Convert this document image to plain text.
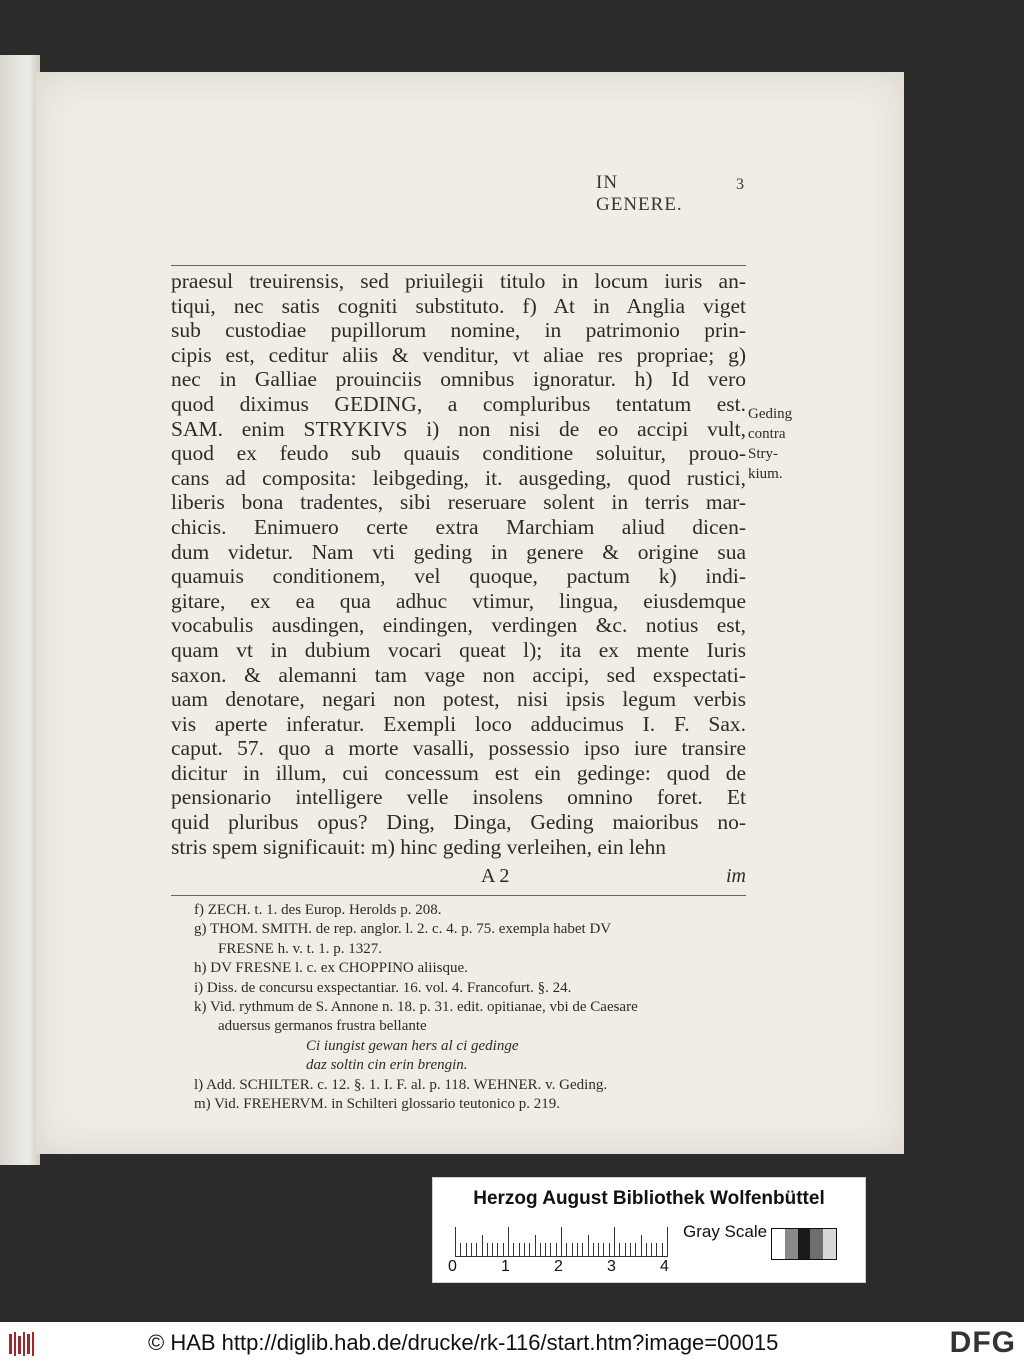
IN GENERE.
3
praesul treuirensis, sed priuilegii titulo in locum iuris an-
tiqui, nec satis cogniti substituto. f) At in Anglia viget
sub custodiae pupillorum nomine, in patrimonio prin-
cipis est, ceditur aliis & venditur, vt aliae res propriae; g)
nec in Galliae prouinciis omnibus ignoratur. h) Id vero
quod diximus GEDING, a compluribus tentatum est.
SAM. enim STRYKIVS i) non nisi de eo accipi vult,
quod ex feudo sub quauis conditione soluitur, prouo-
cans ad composita: leibgeding, it. ausgeding, quod rustici,
liberis bona tradentes, sibi reseruare solent in terris mar-
chicis. Enimuero certe extra Marchiam aliud dicen-
dum videtur. Nam vti geding in genere & origine sua
quamuis conditionem, vel quoque, pactum k) indi-
gitare, ex ea qua adhuc vtimur, lingua, eiusdemque
vocabulis ausdingen, eindingen, verdingen &c. notius est,
quam vt in dubium vocari queat l); ita ex mente Iuris
saxon. & alemanni tam vage non accipi, sed exspectati-
uam denotare, negari non potest, nisi ipsis legum verbis
vis aperte inferatur. Exempli loco adducimus I. F. Sax.
caput. 57. quo a morte vasalli, possessio ipso iure transire
dicitur in illum, cui concessum est ein gedinge: quod de
pensionario intelligere velle insolens omnino foret. Et
quid pluribus opus? Ding, Dinga, Geding maioribus no-
stris spem significauit: m) hinc geding verleihen, ein lehn
Geding
contra
Stry-
kium.
A 2	im
f) ZECH. t. 1. des Europ. Herolds p. 208.
g) THOM. SMITH. de rep. anglor. l. 2. c. 4. p. 75. exempla habet DV
FRESNE h. v. t. 1. p. 1327.
h) DV FRESNE l. c. ex CHOPPINO aliisque.
i) Diss. de concursu exspectantiar. 16. vol. 4. Francofurt. §. 24.
k) Vid. rythmum de S. Annone n. 18. p. 31. edit. opitianae, vbi de Caesare
aduersus germanos frustra bellante
Ci iungist gewan hers al ci gedinge
daz soltin cin erin brengin.
l) Add. SCHILTER. c. 12. §. 1. I. F. al. p. 118. WEHNER. v. Geding.
m) Vid. FREHERVM. in Schilteri glossario teutonico p. 219.
Herzog August Bibliothek Wolfenbüttel
0	1	2	3	4
Gray Scale
© HAB http://diglib.hab.de/drucke/rk-116/start.htm?image=00015	DFG
